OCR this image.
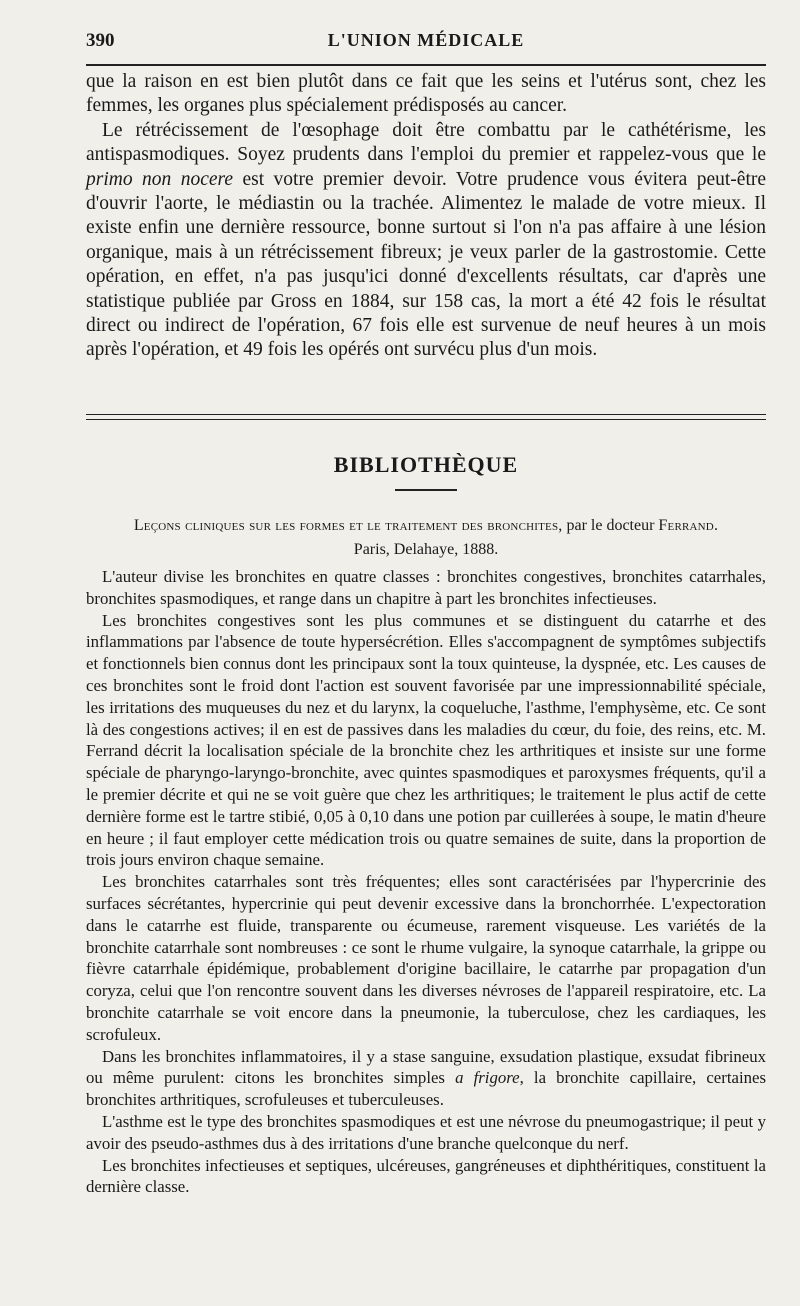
390	L'UNION MÉDICALE

que la raison en est bien plutôt dans ce fait que les seins et l'utérus sont, chez les femmes, les organes plus spécialement prédisposés au cancer.

Le rétrécissement de l'œsophage doit être combattu par le cathétérisme, les antispasmodiques. Soyez prudents dans l'emploi du premier et rappelez-vous que le primo non nocere est votre premier devoir. Votre prudence vous évitera peut-être d'ouvrir l'aorte, le médiastin ou la trachée. Alimentez le malade de votre mieux. Il existe enfin une dernière ressource, bonne surtout si l'on n'a pas affaire à une lésion organique, mais à un rétrécissement fibreux; je veux parler de la gastrostomie. Cette opération, en effet, n'a pas jusqu'ici donné d'excellents résultats, car d'après une statistique publiée par Gross en 1884, sur 158 cas, la mort a été 42 fois le résultat direct ou indirect de l'opération, 67 fois elle est survenue de neuf heures à un mois après l'opération, et 49 fois les opérés ont survécu plus d'un mois.

BIBLIOTHÈQUE
Leçons cliniques sur les formes et le traitement des bronchites, par le docteur Ferrand.
Paris, Delahaye, 1888.

L'auteur divise les bronchites en quatre classes : bronchites congestives, bronchites catarrhales, bronchites spasmodiques, et range dans un chapitre à part les bronchites infectieuses.

Les bronchites congestives sont les plus communes et se distinguent du catarrhe et des inflammations par l'absence de toute hypersécrétion. Elles s'accompagnent de symptômes subjectifs et fonctionnels bien connus dont les principaux sont la toux quinteuse, la dyspnée, etc. Les causes de ces bronchites sont le froid dont l'action est souvent favorisée par une impressionnabilité spéciale, les irritations des muqueuses du nez et du larynx, la coqueluche, l'asthme, l'emphysème, etc. Ce sont là des congestions actives; il en est de passives dans les maladies du cœur, du foie, des reins, etc. M. Ferrand décrit la localisation spéciale de la bronchite chez les arthritiques et insiste sur une forme spéciale de pharyngo-laryngo-bronchite, avec quintes spasmodiques et paroxysmes fréquents, qu'il a le premier décrite et qui ne se voit guère que chez les arthritiques; le traitement le plus actif de cette dernière forme est le tartre stibié, 0,05 à 0,10 dans une potion par cuillerées à soupe, le matin d'heure en heure ; il faut employer cette médication trois ou quatre semaines de suite, dans la proportion de trois jours environ chaque semaine.

Les bronchites catarrhales sont très fréquentes; elles sont caractérisées par l'hypercrinie des surfaces sécrétantes, hypercrinie qui peut devenir excessive dans la bronchorrhée. L'expectoration dans le catarrhe est fluide, transparente ou écumeuse, rarement visqueuse. Les variétés de la bronchite catarrhale sont nombreuses : ce sont le rhume vulgaire, la synoque catarrhale, la grippe ou fièvre catarrhale épidémique, probablement d'origine bacillaire, le catarrhe par propagation d'un coryza, celui que l'on rencontre souvent dans les diverses névroses de l'appareil respiratoire, etc. La bronchite catarrhale se voit encore dans la pneumonie, la tuberculose, chez les cardiaques, les scrofuleux.

Dans les bronchites inflammatoires, il y a stase sanguine, exsudation plastique, exsudat fibrineux ou même purulent: citons les bronchites simples a frigore, la bronchite capillaire, certaines bronchites arthritiques, scrofuleuses et tuberculeuses.

L'asthme est le type des bronchites spasmodiques et est une névrose du pneumogastrique; il peut y avoir des pseudo-asthmes dus à des irritations d'une branche quelconque du nerf.

Les bronchites infectieuses et septiques, ulcéreuses, gangréneuses et diphthéritiques, constituent la dernière classe.
